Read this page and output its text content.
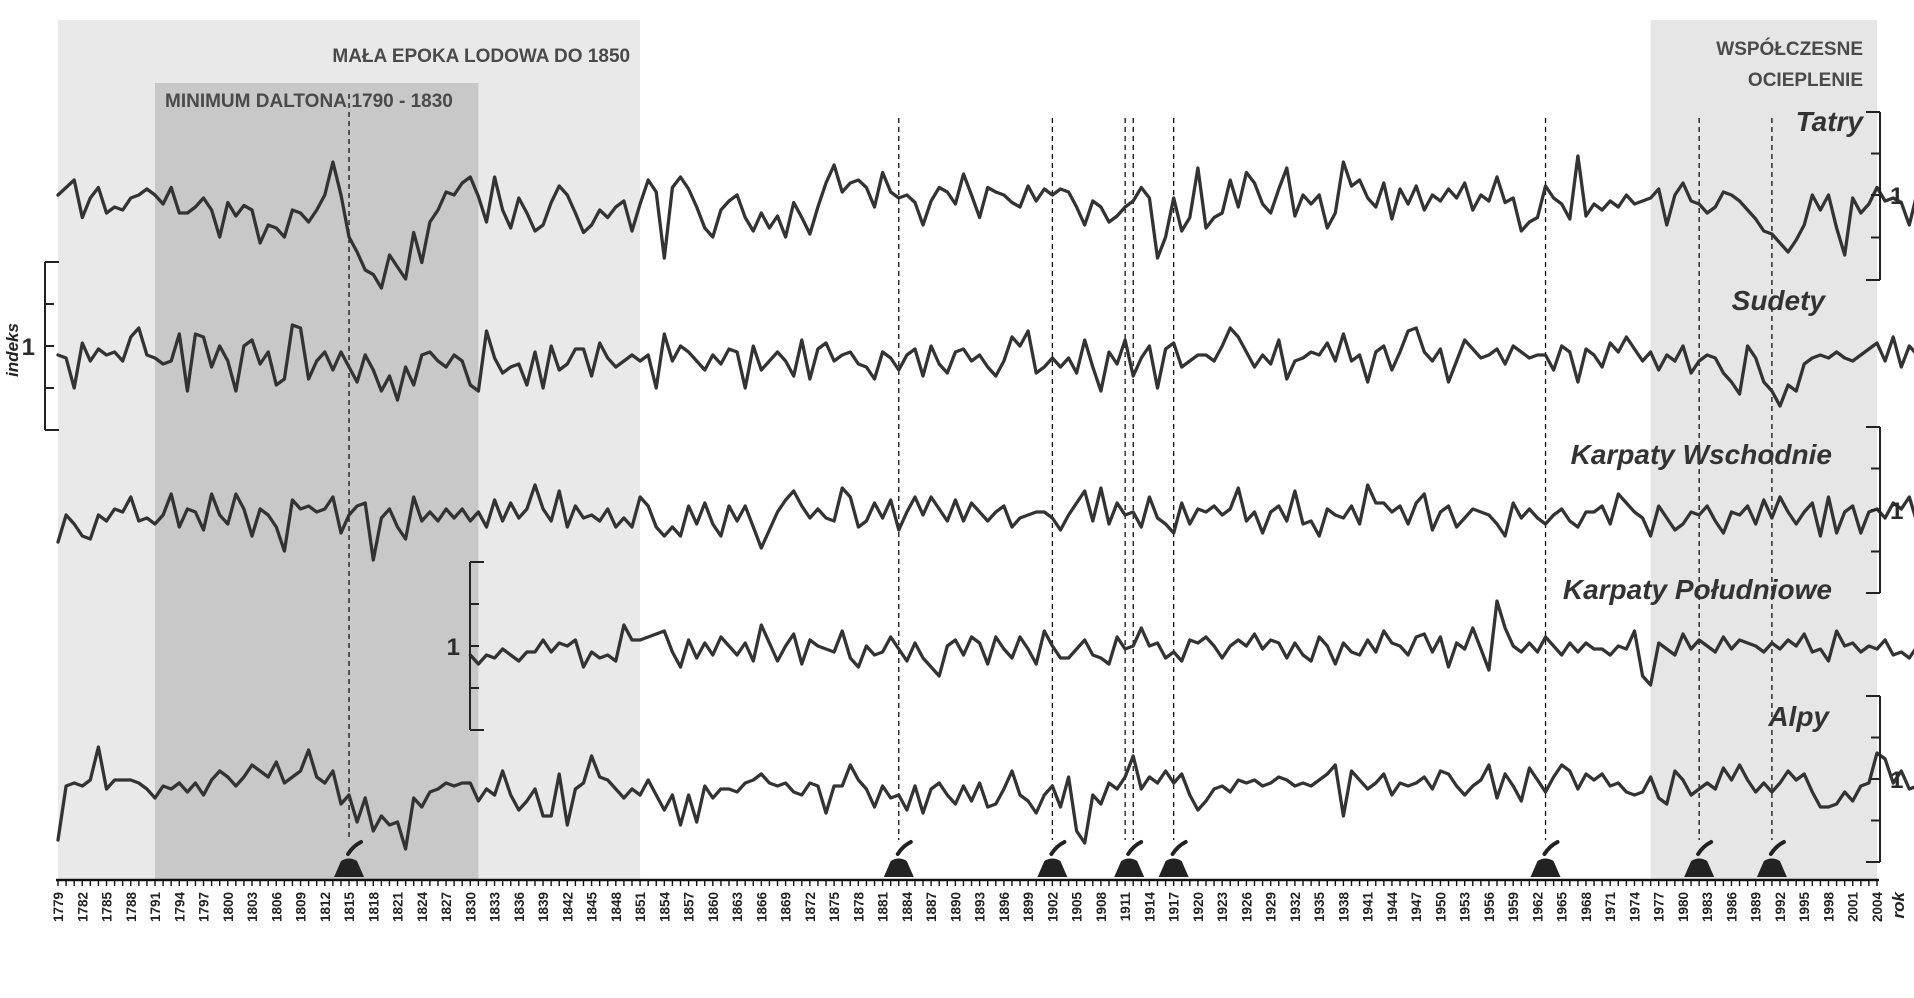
MAŁA EPOKA LODOWA DO 1850
MINIMUM DALTONA 1790 - 1830
WSPÓŁCZESNE
OCIEPLENIE
1
1
1
1
1
indeks
Tatry
Sudety
Karpaty Wschodnie
Karpaty Południowe
Alpy
1779 1782 1785 1788 1791 1794 1797 1800 1803 1806 1809 1812 1815 1818 1821 1824 1827 1830 1833 1836 1839 1842 1845 1848 1851 1854 1857 1860 1863 1866 1869 1872 1875 1878 1881 1884 1887 1890 1893 1896 1899 1902 1905 1908 1911 1914 1917 1920 1923 1926 1929 1932 1935 1938 1941 1944 1947 1950 1953 1956 1959 1962 1965 1968 1971 1974 1977 1980 1983 1986 1989 1992 1995 1998 2001 2004 rok
